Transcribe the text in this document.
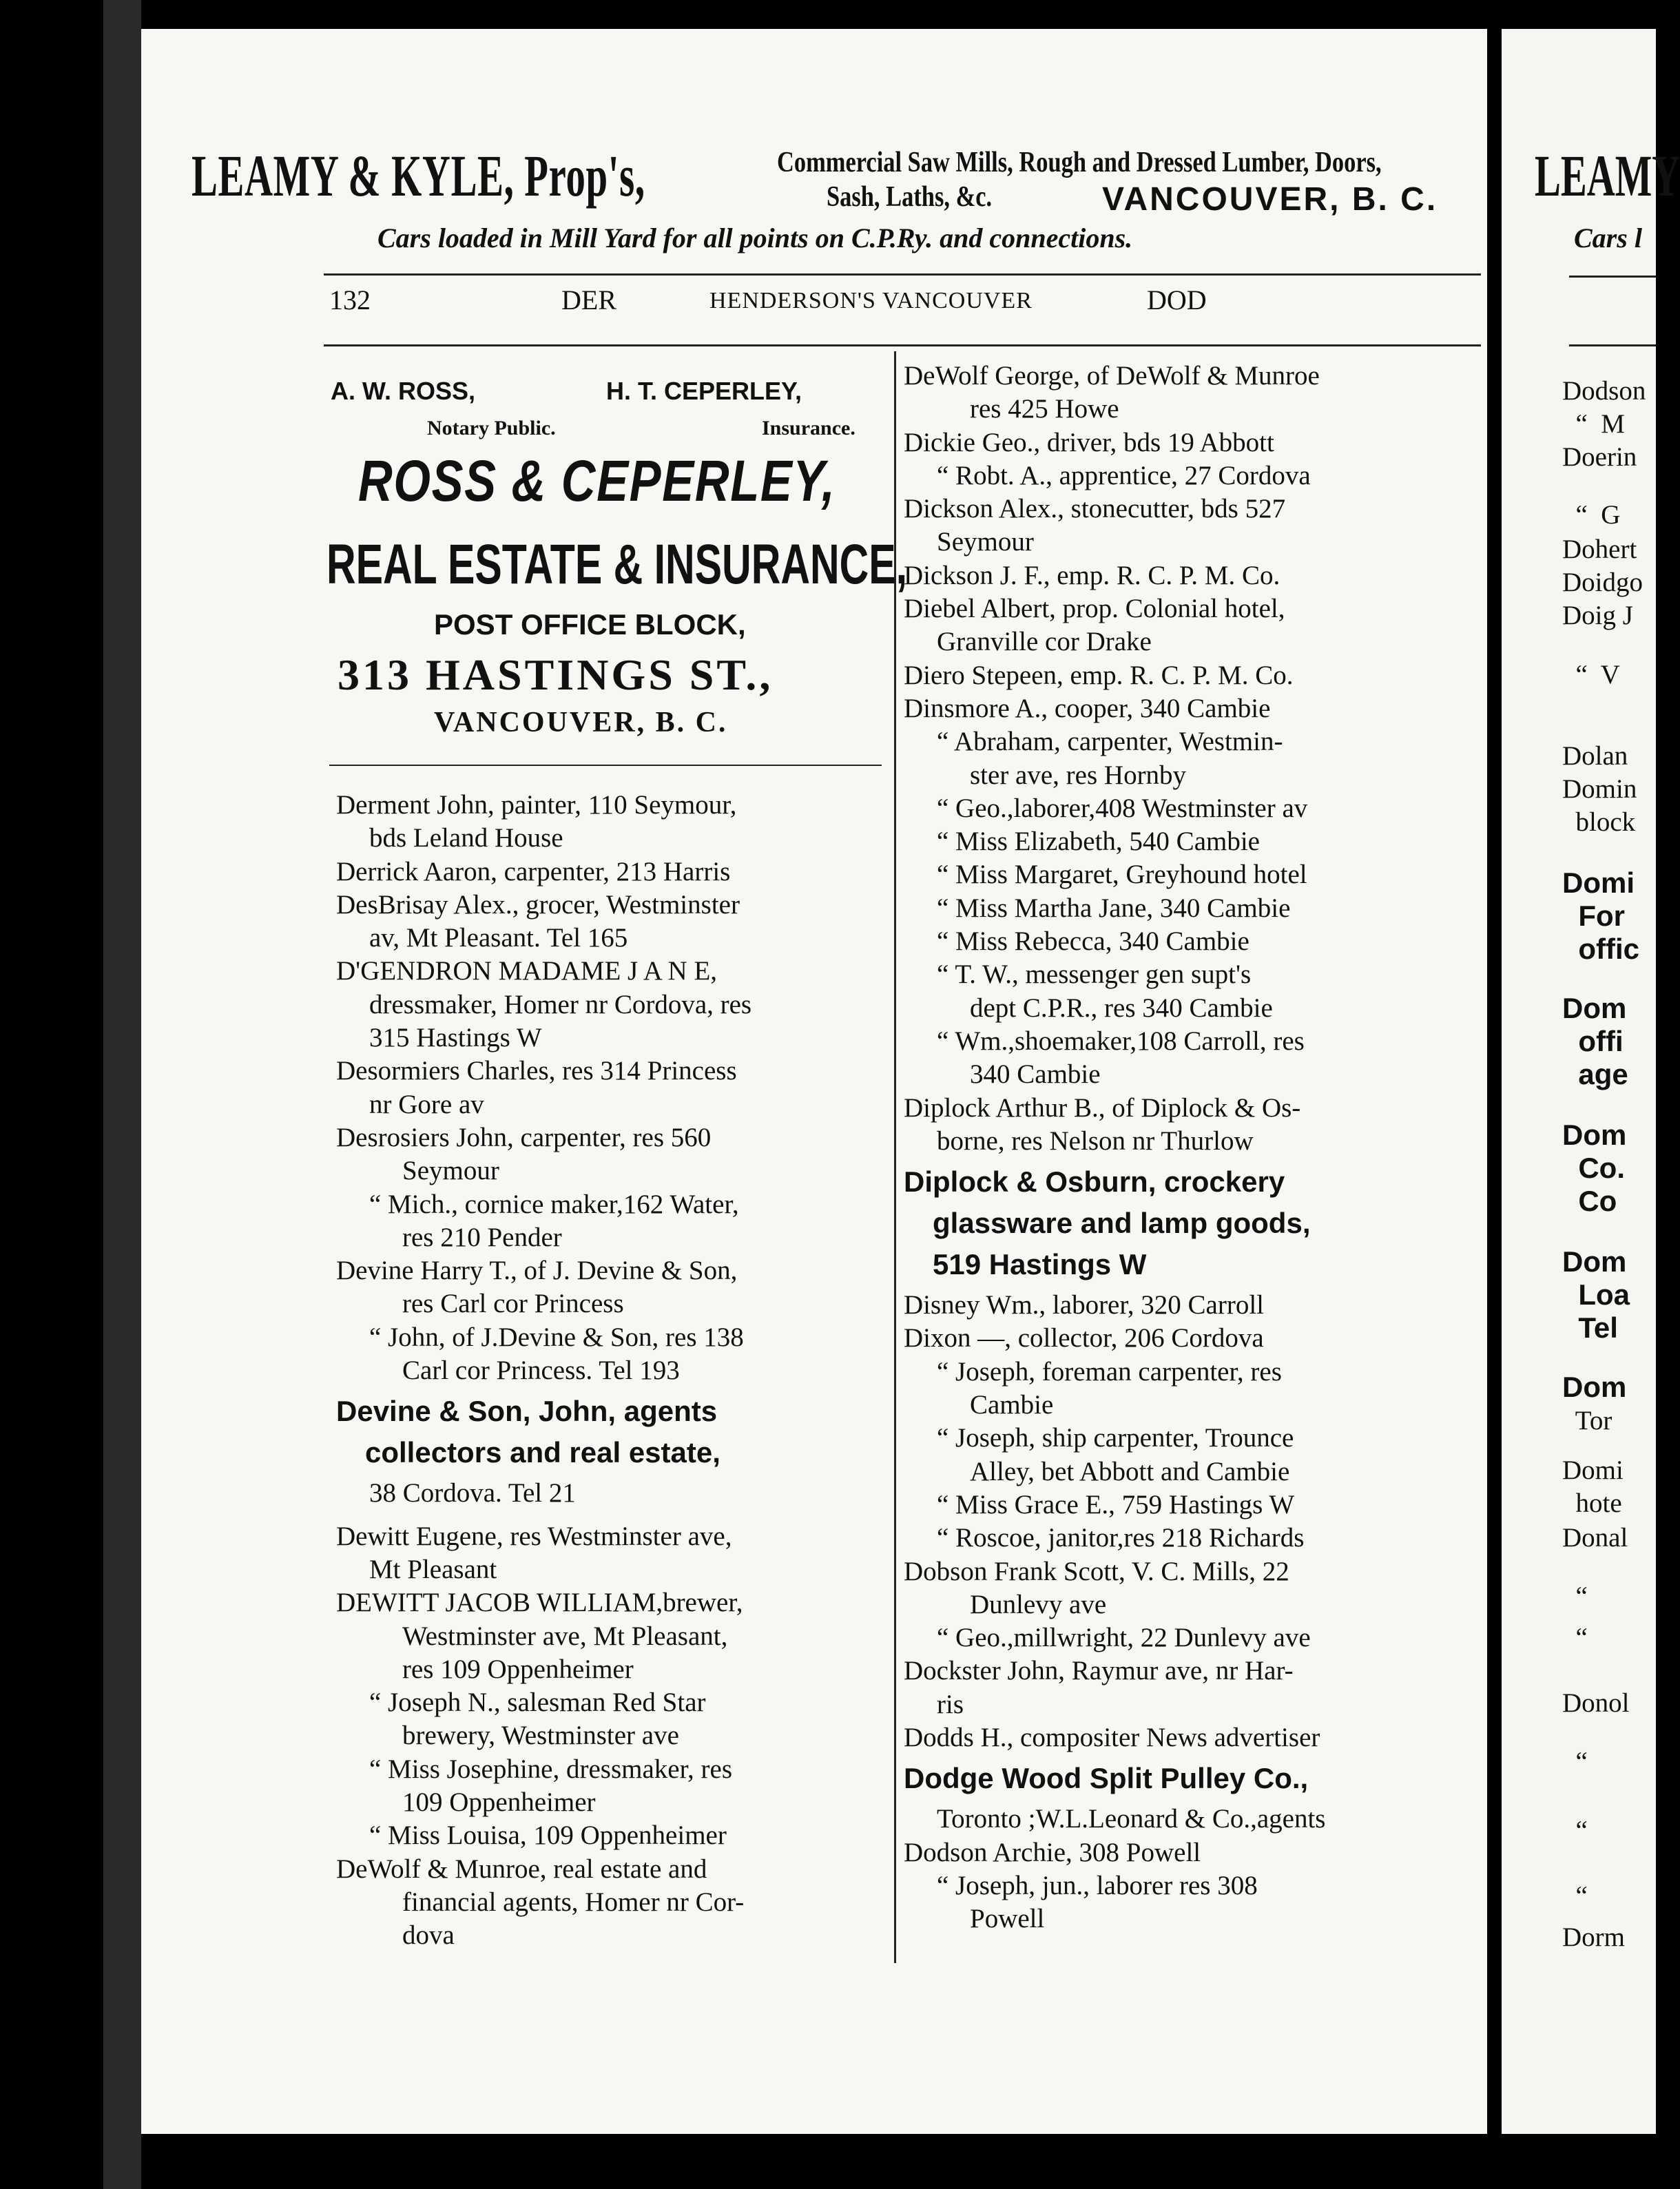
LEAMY & KYLE, Prop's,	Commercial Saw Mills, Rough and Dressed Lumber, Doors,
Sash, Laths, &c.	VANCOUVER, B. C.
Cars loaded in Mill Yard for all points on C.P.Ry. and connections.
132	DER	HENDERSON'S VANCOUVER	DOD
A. W. ROSS,	H. T. CEPERLEY,
Notary Public.	Insurance.
ROSS & CEPERLEY,
REAL ESTATE & INSURANCE,
POST OFFICE BLOCK,
313 HASTINGS ST.,
VANCOUVER, B. C.
Derment John, painter, 110 Seymour,
bds Leland House
Derrick Aaron, carpenter, 213 Harris
DesBrisay Alex., grocer, Westminster
av, Mt Pleasant. Tel 165
D'GENDRON MADAME J A N E,
dressmaker, Homer nr Cordova, res
315 Hastings W
Desormiers Charles, res 314 Princess
nr Gore av
Desrosiers John, carpenter, res 560
Seymour
“ Mich., cornice maker,162 Water,
res 210 Pender
Devine Harry T., of J. Devine & Son,
res Carl cor Princess
“ John, of J.Devine & Son, res 138
Carl cor Princess. Tel 193
Devine & Son, John, agents
collectors and real estate,
38 Cordova. Tel 21
Dewitt Eugene, res Westminster ave,
Mt Pleasant
DEWITT JACOB WILLIAM,brewer,
Westminster ave, Mt Pleasant,
res 109 Oppenheimer
“ Joseph N., salesman Red Star
brewery, Westminster ave
“ Miss Josephine, dressmaker, res
109 Oppenheimer
“ Miss Louisa, 109 Oppenheimer
DeWolf & Munroe, real estate and
financial agents, Homer nr Cor-
dova
DeWolf George, of DeWolf & Munroe
res 425 Howe
Dickie Geo., driver, bds 19 Abbott
“ Robt. A., apprentice, 27 Cordova
Dickson Alex., stonecutter, bds 527
Seymour
Dickson J. F., emp. R. C. P. M. Co.
Diebel Albert, prop. Colonial hotel,
Granville cor Drake
Diero Stepeen, emp. R. C. P. M. Co.
Dinsmore A., cooper, 340 Cambie
“ Abraham, carpenter, Westmin-
ster ave, res Hornby
“ Geo.,laborer,408 Westminster av
“ Miss Elizabeth, 540 Cambie
“ Miss Margaret, Greyhound hotel
“ Miss Martha Jane, 340 Cambie
“ Miss Rebecca, 340 Cambie
“ T. W., messenger gen supt's
dept C.P.R., res 340 Cambie
“ Wm.,shoemaker,108 Carroll, res
340 Cambie
Diplock Arthur B., of Diplock & Os-
borne, res Nelson nr Thurlow
Diplock & Osburn, crockery
glassware and lamp goods,
519 Hastings W
Disney Wm., laborer, 320 Carroll
Dixon —, collector, 206 Cordova
“ Joseph, foreman carpenter, res
Cambie
“ Joseph, ship carpenter, Trounce
Alley, bet Abbott and Cambie
“ Miss Grace E., 759 Hastings W
“ Roscoe, janitor,res 218 Richards
Dobson Frank Scott, V. C. Mills, 22
Dunlevy ave
“ Geo.,millwright, 22 Dunlevy ave
Dockster John, Raymur ave, nr Har-
ris
Dodds H., compositer News advertiser
Dodge Wood Split Pulley Co.,
Toronto ;W.L.Leonard & Co.,agents
Dodson Archie, 308 Powell
“ Joseph, jun., laborer res 308
Powell
LEAMY
Cars l
Dodson
“  M
Doerin
“  G
Dohert
Doidgo
Doig J
“  V
Dolan
Domin
block
Domi
For
offic
Dom
offi
age
Dom
Co.
Co
Dom
Loa
Tel
Dom
Tor
Domi
hote
Donal
“
“
Donol
“
“
“
Dorm
